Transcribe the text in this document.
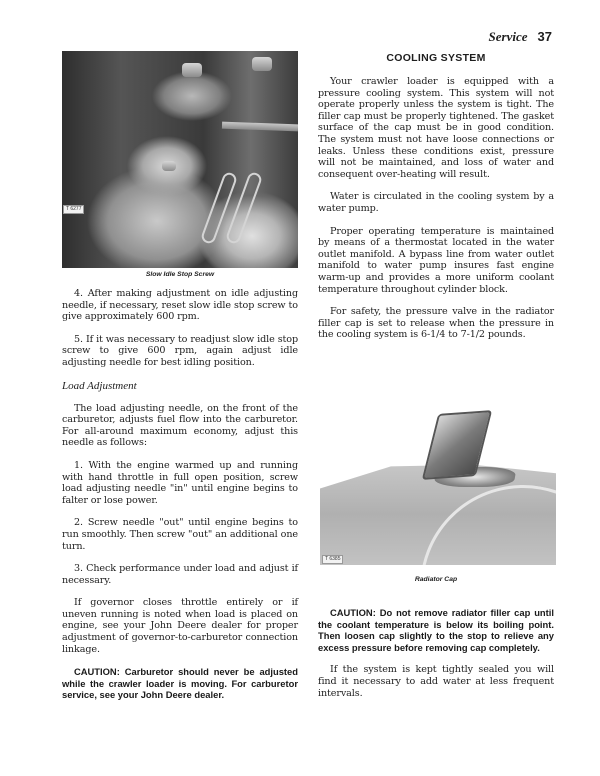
Service 37
T 6277
Slow Idle Stop Screw

4. After making adjustment on idle adjusting needle, if necessary, reset slow idle stop screw to give approximately 600 rpm.

5. If it was necessary to readjust slow idle stop screw to give 600 rpm, again adjust idle adjusting needle for best idling position.

Load Adjustment

The load adjusting needle, on the front of the carburetor, adjusts fuel flow into the carburetor. For all-around maximum economy, adjust this needle as follows:

1. With the engine warmed up and running with hand throttle in full open position, screw load adjusting needle "in" until engine begins to falter or lose power.

2. Screw needle "out" until engine begins to run smoothly. Then screw "out" an additional one turn.

3. Check performance under load and adjust if necessary.

If governor closes throttle entirely or if uneven running is noted when load is placed on engine, see your John Deere dealer for proper adjustment of governor-to-carburetor connection linkage.

CAUTION: Carburetor should never be adjusted while the crawler loader is moving. For carburetor service, see your John Deere dealer.

COOLING SYSTEM

Your crawler loader is equipped with a pressure cooling system. This system will not operate properly unless the system is tight. The filler cap must be properly tightened. The gasket surface of the cap must be in good condition. The system must not have loose connections or leaks. Unless these conditions exist, pressure will not be maintained, and loss of water and consequent over-heating will result.

Water is circulated in the cooling system by a water pump.

Proper operating temperature is maintained by means of a thermostat located in the water outlet manifold. A bypass line from water outlet manifold to water pump insures fast engine warm-up and provides a more uniform coolant temperature throughout cylinder block.

For safety, the pressure valve in the radiator filler cap is set to release when the pressure in the cooling system is 6-1/4 to 7-1/2 pounds.

T 6385
Radiator Cap

CAUTION: Do not remove radiator filler cap until the coolant temperature is below its boiling point. Then loosen cap slightly to the stop to relieve any excess pressure before removing cap completely.

If the system is kept tightly sealed you will find it necessary to add water at less frequent intervals.
